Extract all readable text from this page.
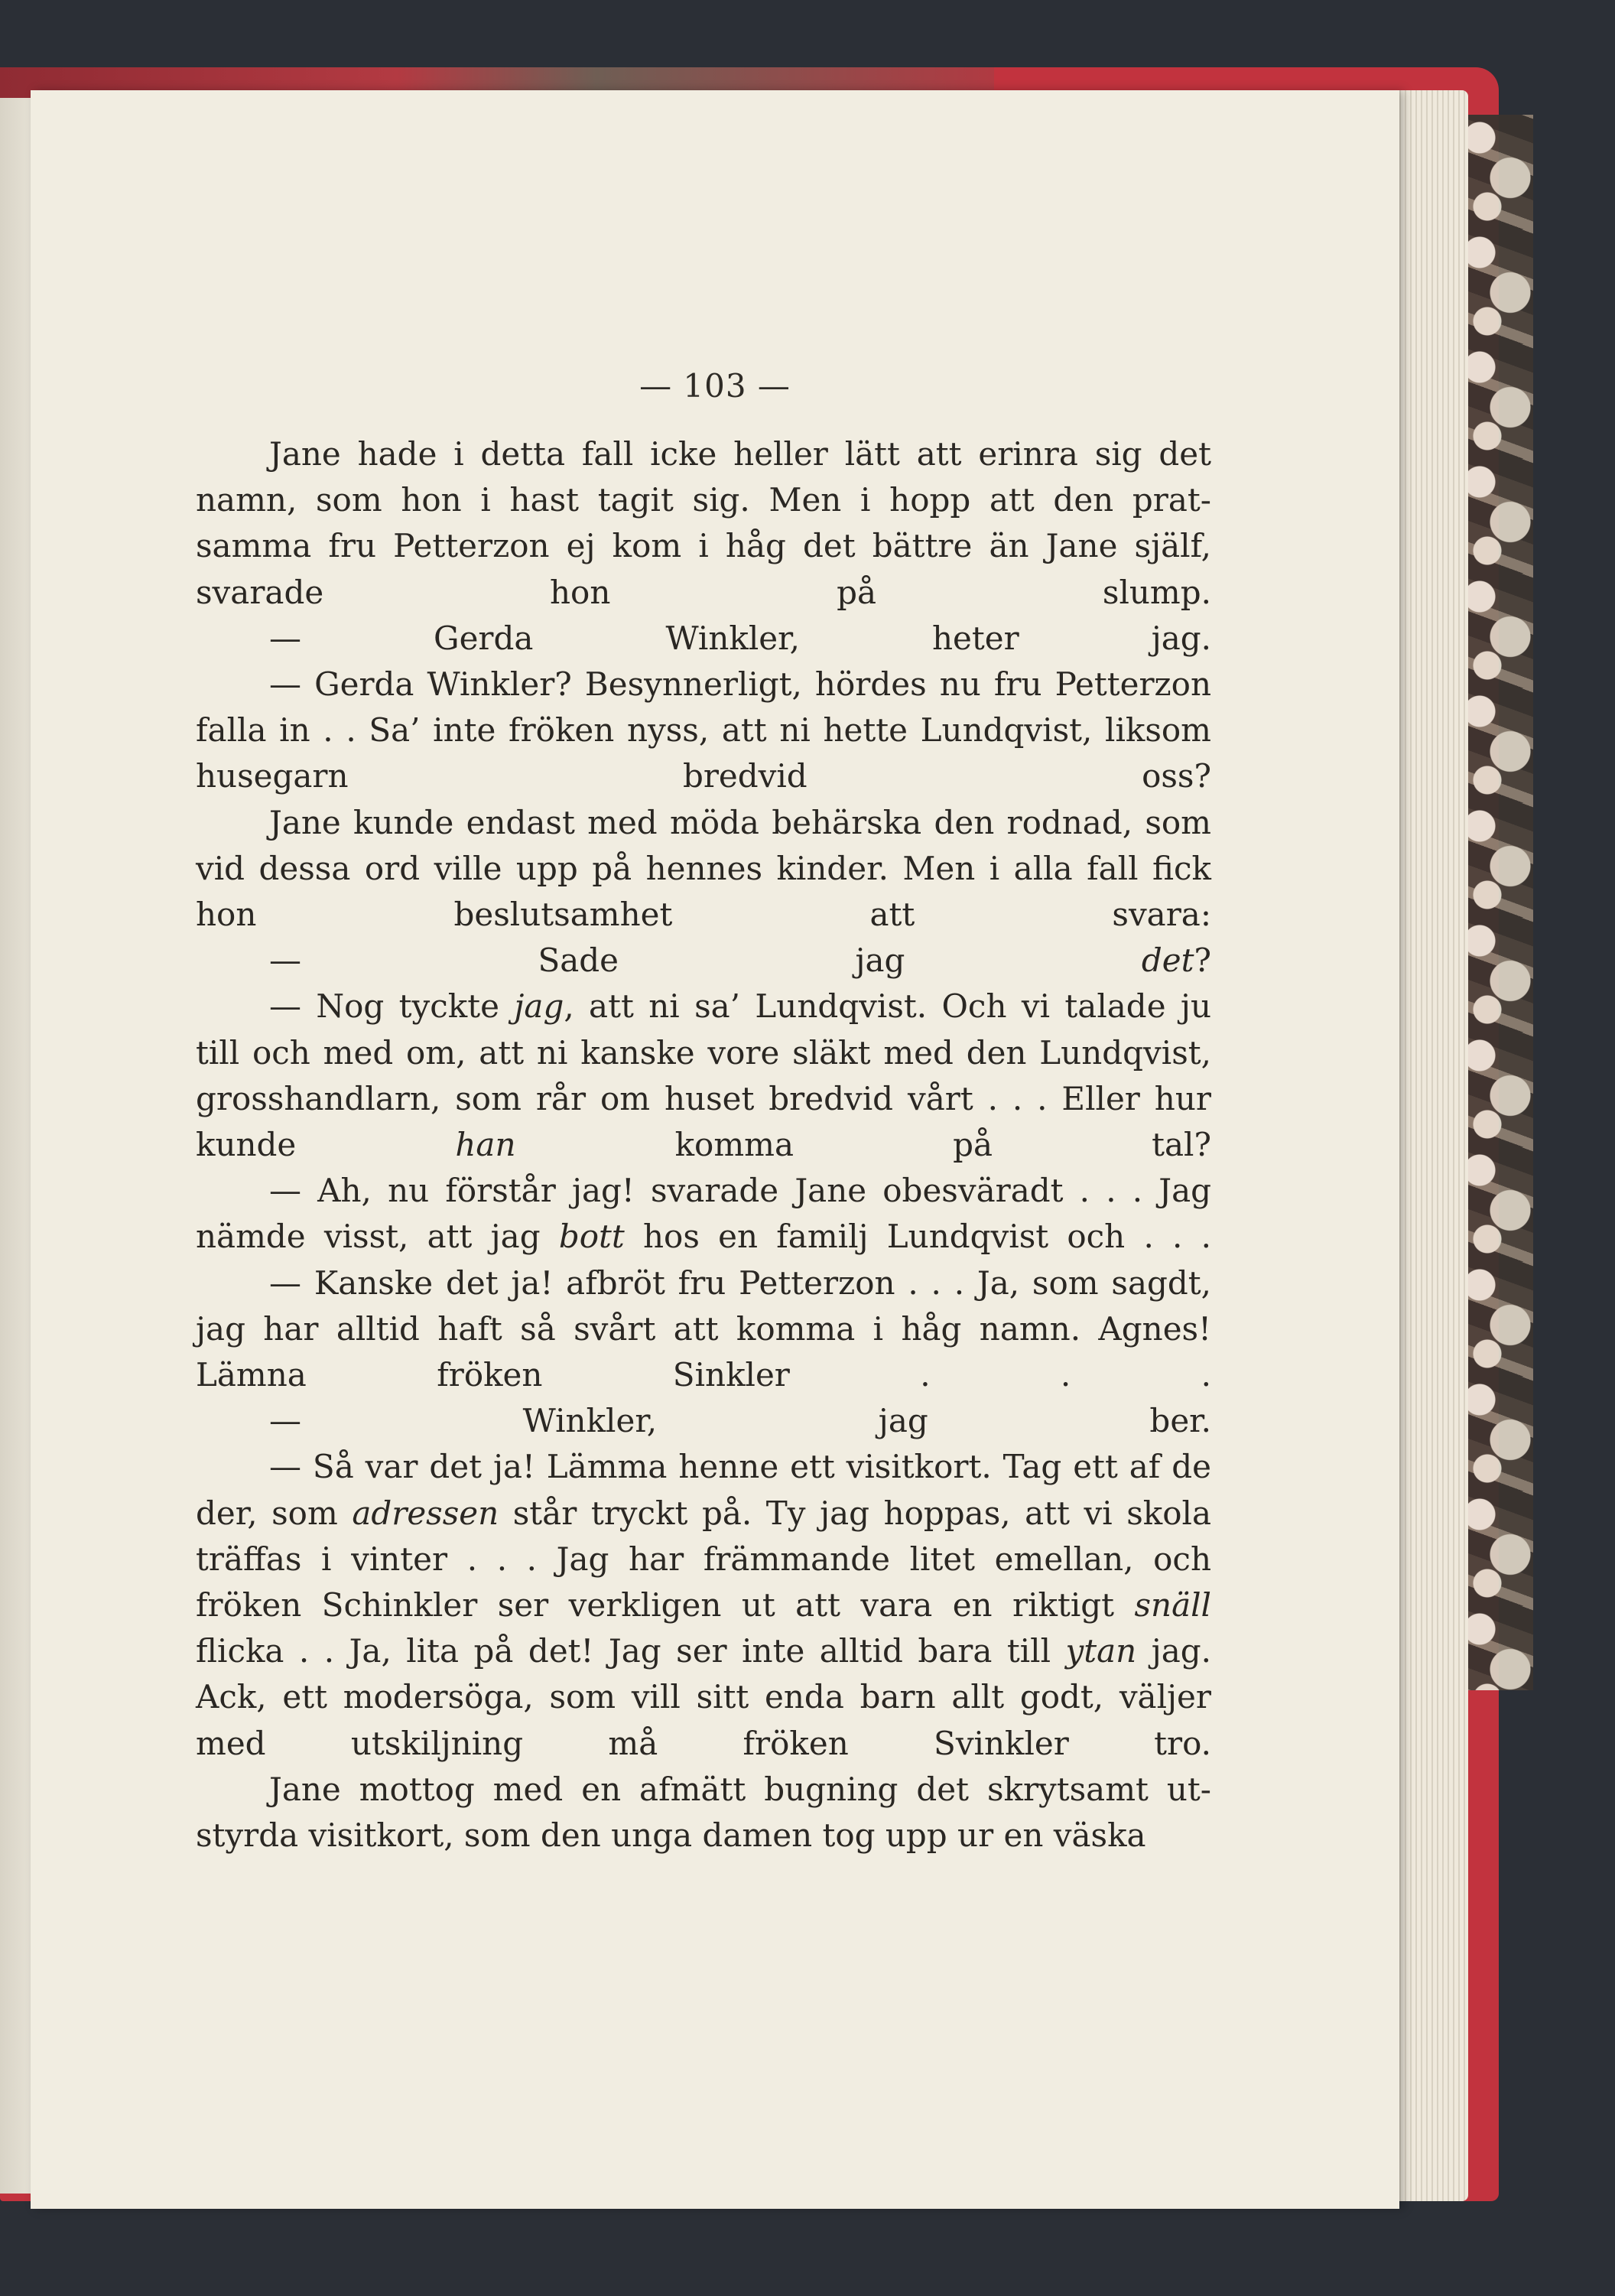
— 103 —

Jane hade i detta fall icke heller lätt att erinra sig det namn, som hon i hast tagit sig. Men i hopp att den pratsamma fru Petterzon ej kom i håg det bättre än Jane själf, svarade hon på slump.

— Gerda Winkler, heter jag.

— Gerda Winkler? Besynnerligt, hördes nu fru Petterzon falla in . . Sa’ inte fröken nyss, att ni hette Lundqvist, liksom husegarn bredvid oss?

Jane kunde endast med möda behärska den rodnad, som vid dessa ord ville upp på hennes kinder. Men i alla fall fick hon beslutsamhet att svara:

— Sade jag det?

— Nog tyckte jag, att ni sa’ Lundqvist. Och vi talade ju till och med om, att ni kanske vore släkt med den Lundqvist, grosshandlarn, som rår om huset bredvid vårt . . . Eller hur kunde han komma på tal?

— Ah, nu förstår jag! svarade Jane obesväradt . . . Jag nämde visst, att jag bott hos en familj Lundqvist och . . .

— Kanske det ja! afbröt fru Petterzon . . . Ja, som sagdt, jag har alltid haft så svårt att komma i håg namn. Agnes! Lämna fröken Sinkler . . .

— Winkler, jag ber.

— Så var det ja! Lämma henne ett visitkort. Tag ett af de der, som adressen står tryckt på. Ty jag hoppas, att vi skola träffas i vinter . . . Jag har främmande litet emellan, och fröken Schinkler ser verkligen ut att vara en riktigt snäll flicka . . Ja, lita på det! Jag ser inte alltid bara till ytan jag. Ack, ett modersöga, som vill sitt enda barn allt godt, väljer med utskiljning må fröken Svinkler tro.

Jane mottog med en afmätt bugning det skrytsamt utstyrda visitkort, som den unga damen tog upp ur en väska
